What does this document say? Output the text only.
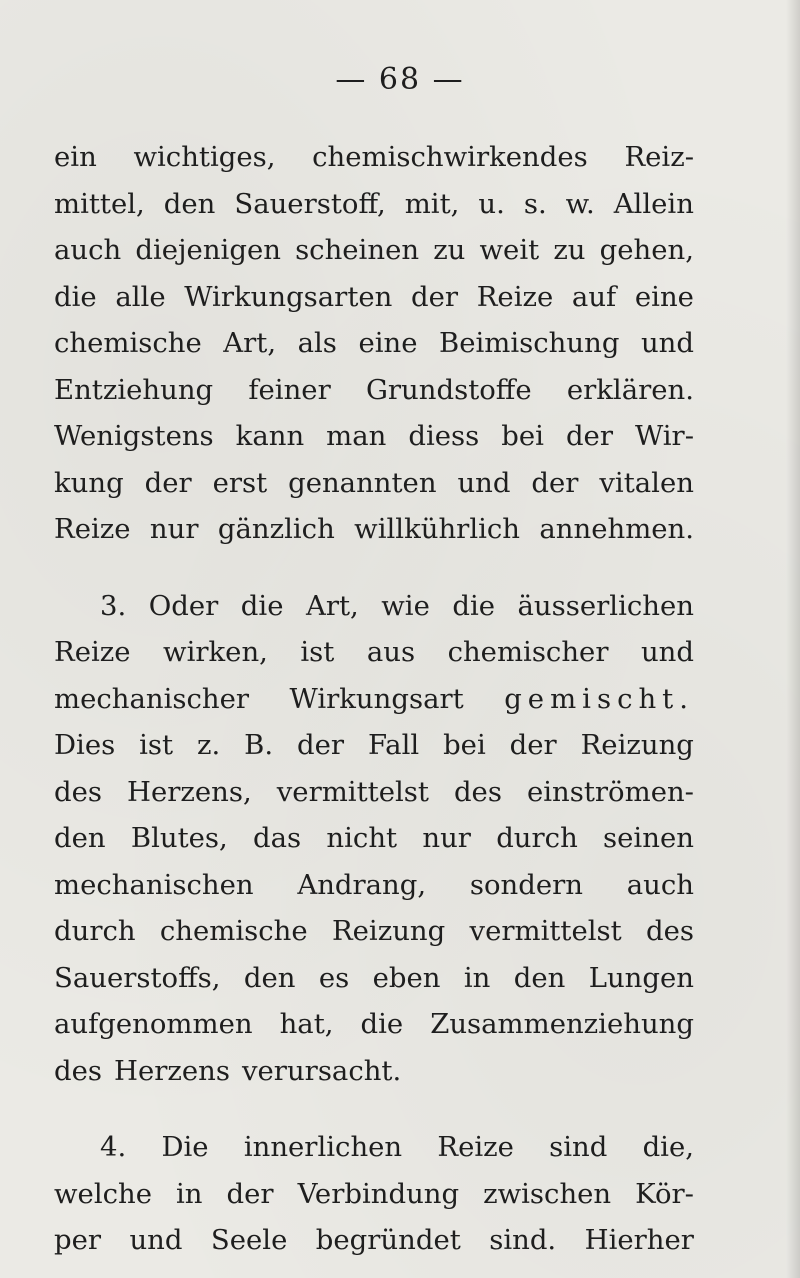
— 68 —
ein wichtiges, chemischwirkendes Reiz-
mittel, den Sauerstoff, mit, u. s. w. Allein
auch diejenigen scheinen zu weit zu gehen,
die alle Wirkungsarten der Reize auf eine
chemische Art, als eine Beimischung und
Entziehung feiner Grundstoffe erklären.
Wenigstens kann man diess bei der Wir-
kung der erst genannten und der vitalen
Reize nur gänzlich willkührlich annehmen.
3. Oder die Art, wie die äusserlichen
Reize wirken, ist aus chemischer und
mechanischer Wirkungsart gemischt.
Dies ist z. B. der Fall bei der Reizung
des Herzens, vermittelst des einströmen-
den Blutes, das nicht nur durch seinen
mechanischen Andrang, sondern auch
durch chemische Reizung vermittelst des
Sauerstoffs, den es eben in den Lungen
aufgenommen hat, die Zusammenziehung
des Herzens verursacht.
4. Die innerlichen Reize sind die,
welche in der Verbindung zwischen Kör-
per und Seele begründet sind. Hierher
